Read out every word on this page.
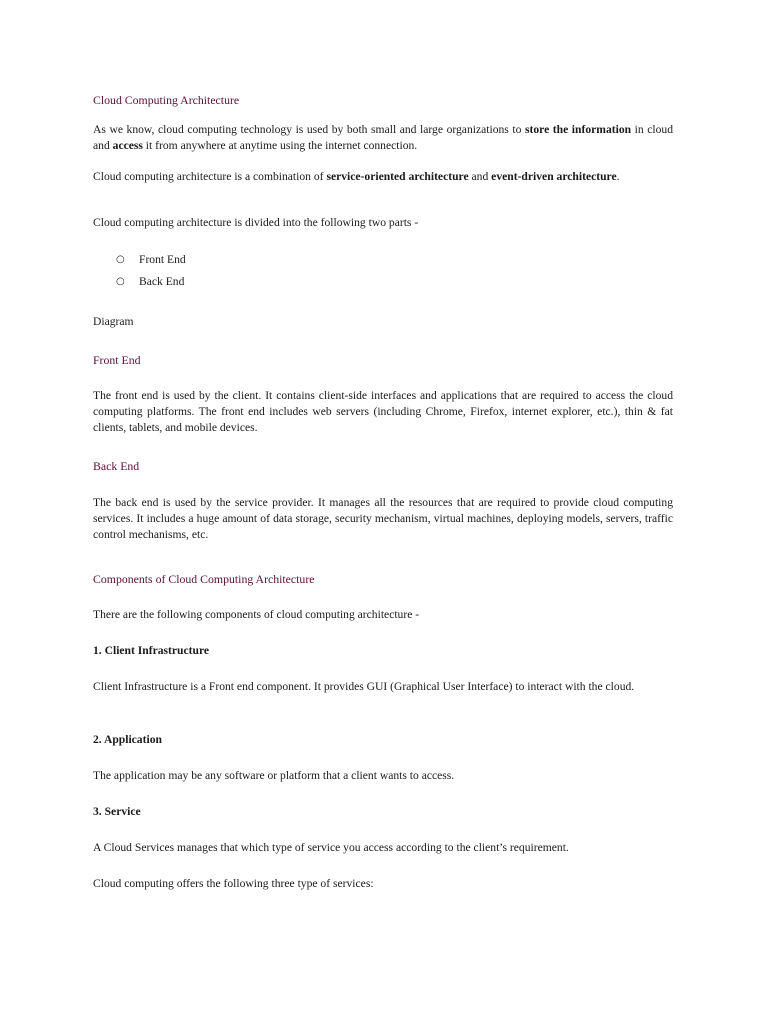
Cloud Computing Architecture

As we know, cloud computing technology is used by both small and large organizations to store the information in cloud and access it from anywhere at anytime using the internet connection.

Cloud computing architecture is a combination of service-oriented architecture and event-driven architecture.

Cloud computing architecture is divided into the following two parts -

○ Front End
○ Back End
Diagram
Front End

The front end is used by the client. It contains client-side interfaces and applications that are required to access the cloud computing platforms. The front end includes web servers (including Chrome, Firefox, internet explorer, etc.), thin & fat clients, tablets, and mobile devices.

Back End

The back end is used by the service provider. It manages all the resources that are required to provide cloud computing services. It includes a huge amount of data storage, security mechanism, virtual machines, deploying models, servers, traffic control mechanisms, etc.

Components of Cloud Computing Architecture

There are the following components of cloud computing architecture -

1. Client Infrastructure

Client Infrastructure is a Front end component. It provides GUI (Graphical User Interface) to interact with the cloud.

2. Application

The application may be any software or platform that a client wants to access.

3. Service

A Cloud Services manages that which type of service you access according to the client’s requirement.

Cloud computing offers the following three type of services:
